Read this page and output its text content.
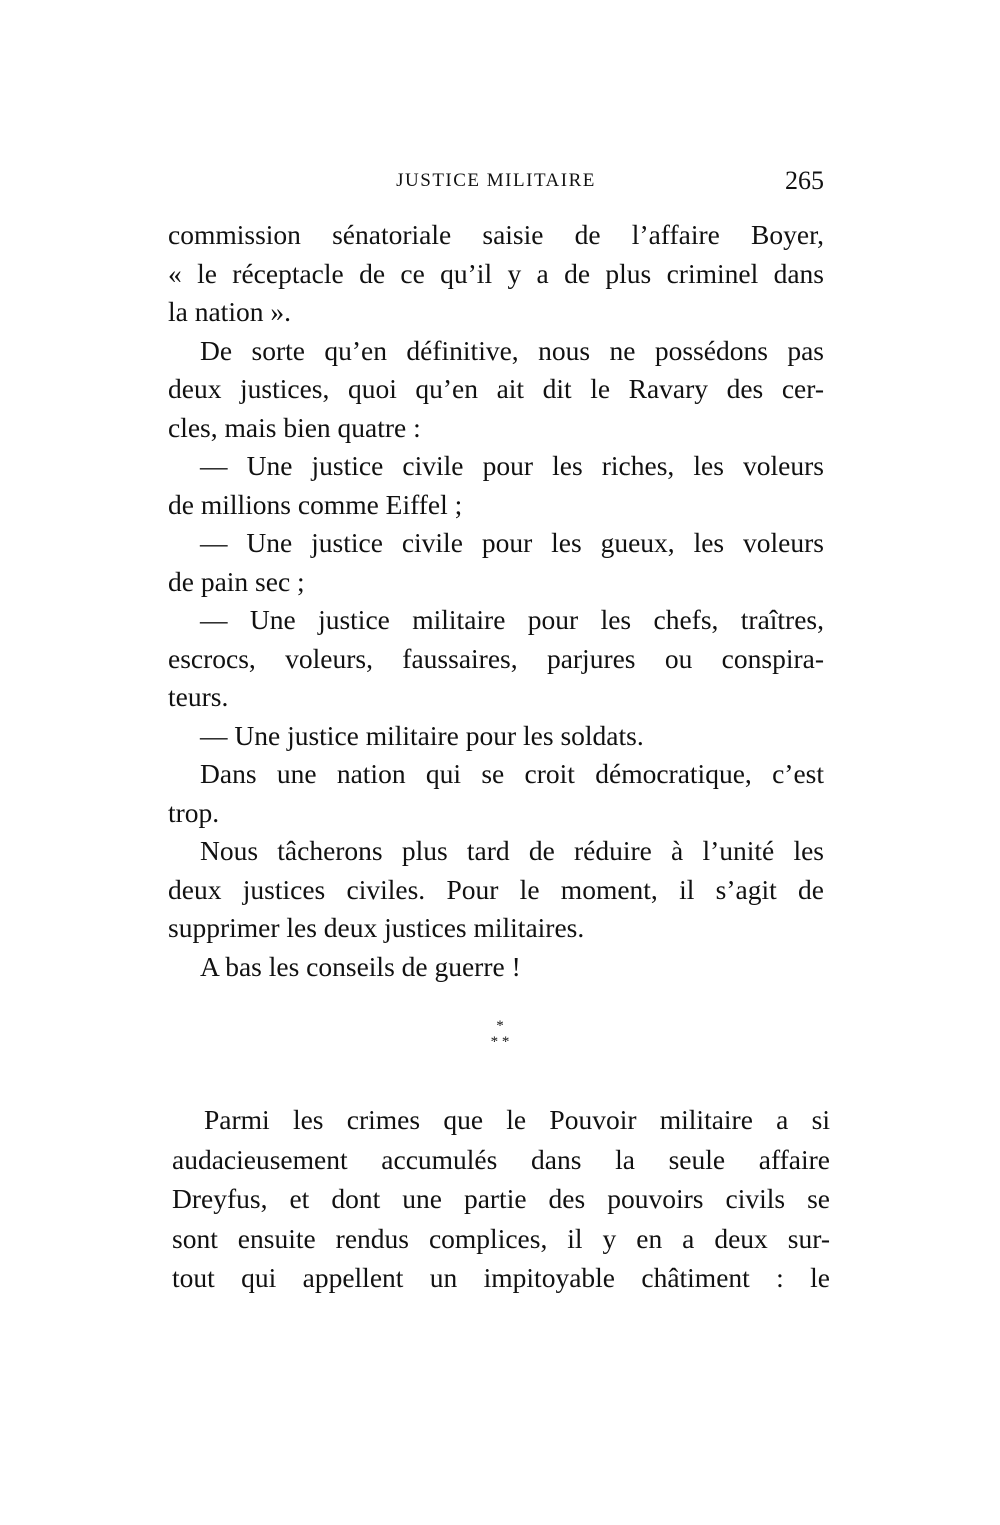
JUSTICE MILITAIRE	265
commission sénatoriale saisie de l’affaire Boyer,
« le réceptacle de ce qu’il y a de plus criminel dans
la nation ».
De sorte qu’en définitive, nous ne possédons pas
deux justices, quoi qu’en ait dit le Ravary des cer-
cles, mais bien quatre :
— Une justice civile pour les riches, les voleurs
de millions comme Eiffel ;
— Une justice civile pour les gueux, les voleurs
de pain sec ;
— Une justice militaire pour les chefs, traîtres,
escrocs, voleurs, faussaires, parjures ou conspira-
teurs.
— Une justice militaire pour les soldats.
Dans une nation qui se croit démocratique, c’est
trop.
Nous tâcherons plus tard de réduire à l’unité les
deux justices civiles. Pour le moment, il s’agit de
supprimer les deux justices militaires.
A bas les conseils de guerre !
*
* *
Parmi les crimes que le Pouvoir militaire a si
audacieusement accumulés dans la seule affaire
Dreyfus, et dont une partie des pouvoirs civils se
sont ensuite rendus complices, il y en a deux sur-
tout qui appellent un impitoyable châtiment : le
